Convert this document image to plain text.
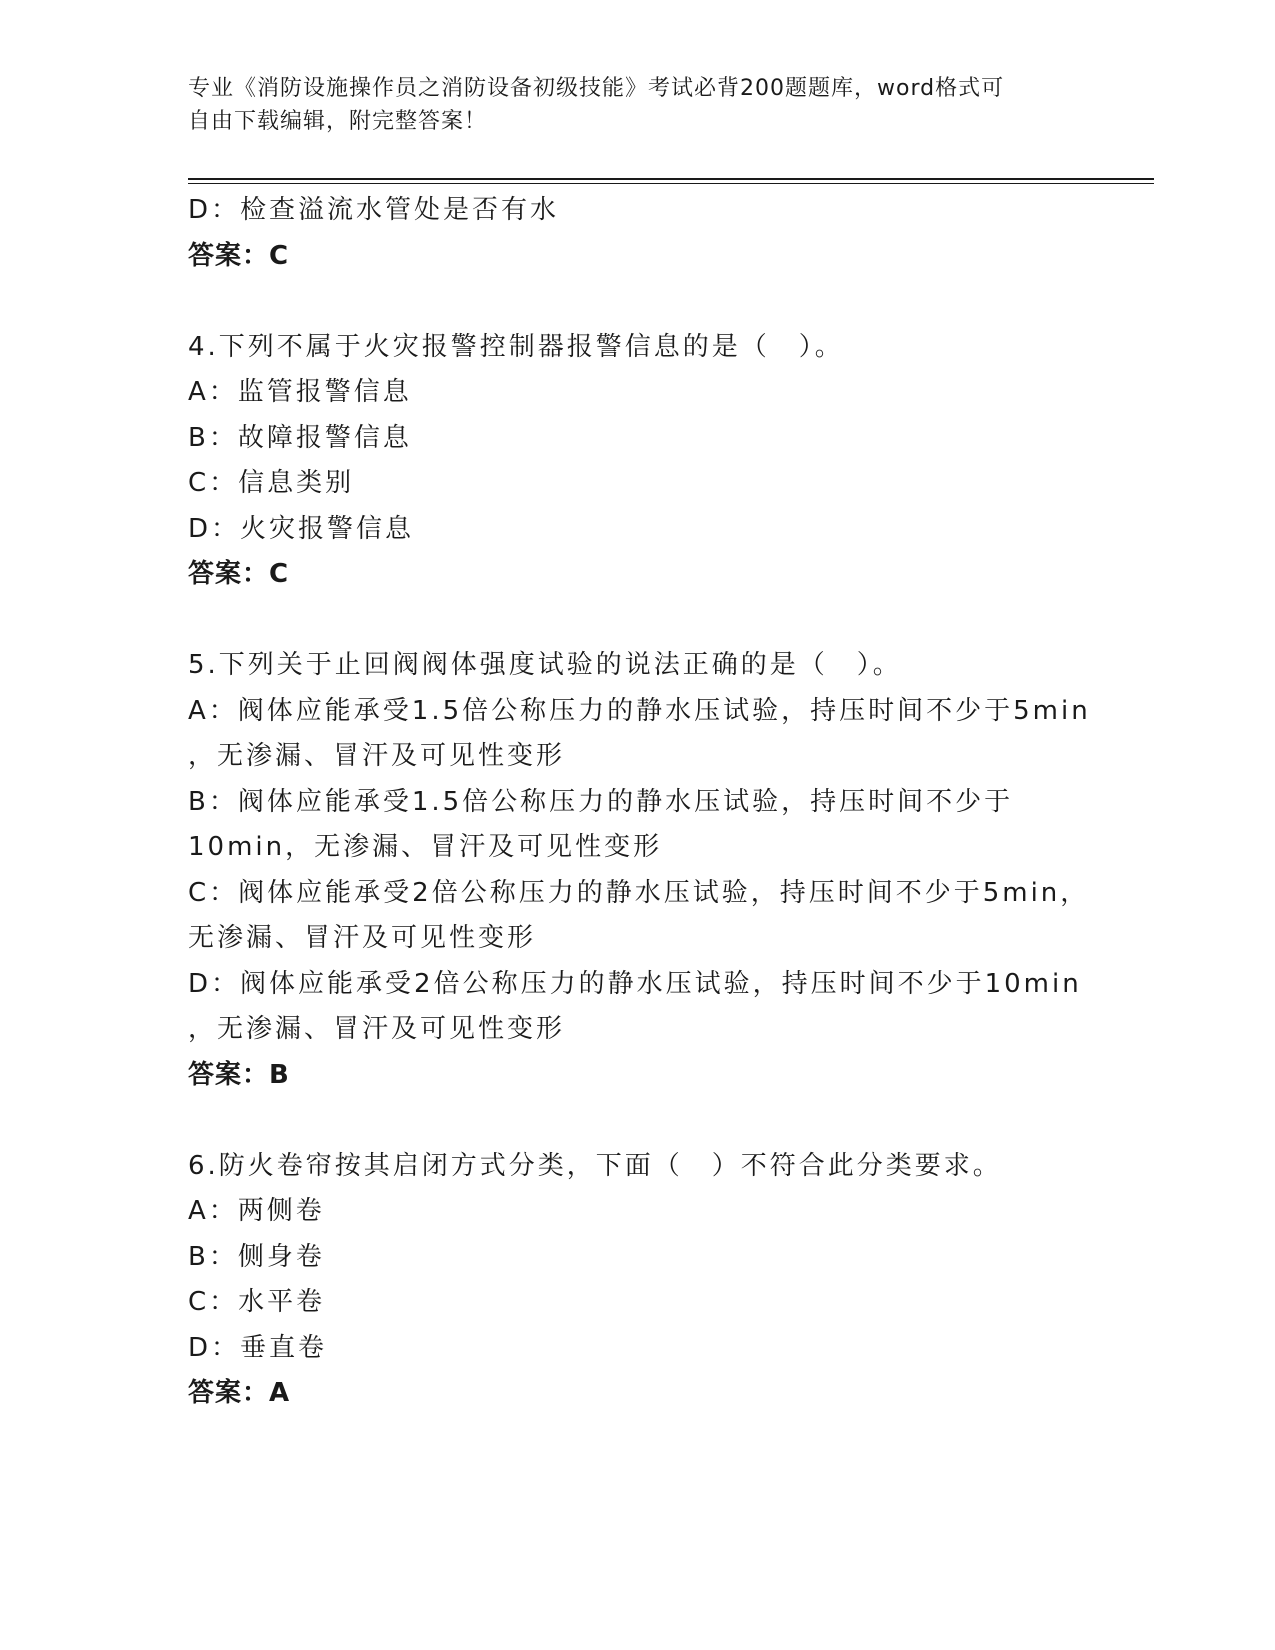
专业《消防设施操作员之消防设备初级技能》考试必背200题题库，word格式可
自由下载编辑，附完整答案！
D：检查溢流水管处是否有水
答案：C
4.下列不属于火灾报警控制器报警信息的是（　）。
A：监管报警信息
B：故障报警信息
C：信息类别
D：火灾报警信息
答案：C
5.下列关于止回阀阀体强度试验的说法正确的是（　）。
A：阀体应能承受1.5倍公称压力的静水压试验，持压时间不少于5min
，无渗漏、冒汗及可见性变形
B：阀体应能承受1.5倍公称压力的静水压试验，持压时间不少于
10min，无渗漏、冒汗及可见性变形
C：阀体应能承受2倍公称压力的静水压试验，持压时间不少于5min，
无渗漏、冒汗及可见性变形
D：阀体应能承受2倍公称压力的静水压试验，持压时间不少于10min
，无渗漏、冒汗及可见性变形
答案：B
6.防火卷帘按其启闭方式分类，下面（　）不符合此分类要求。
A：两侧卷
B：侧身卷
C：水平卷
D：垂直卷
答案：A
